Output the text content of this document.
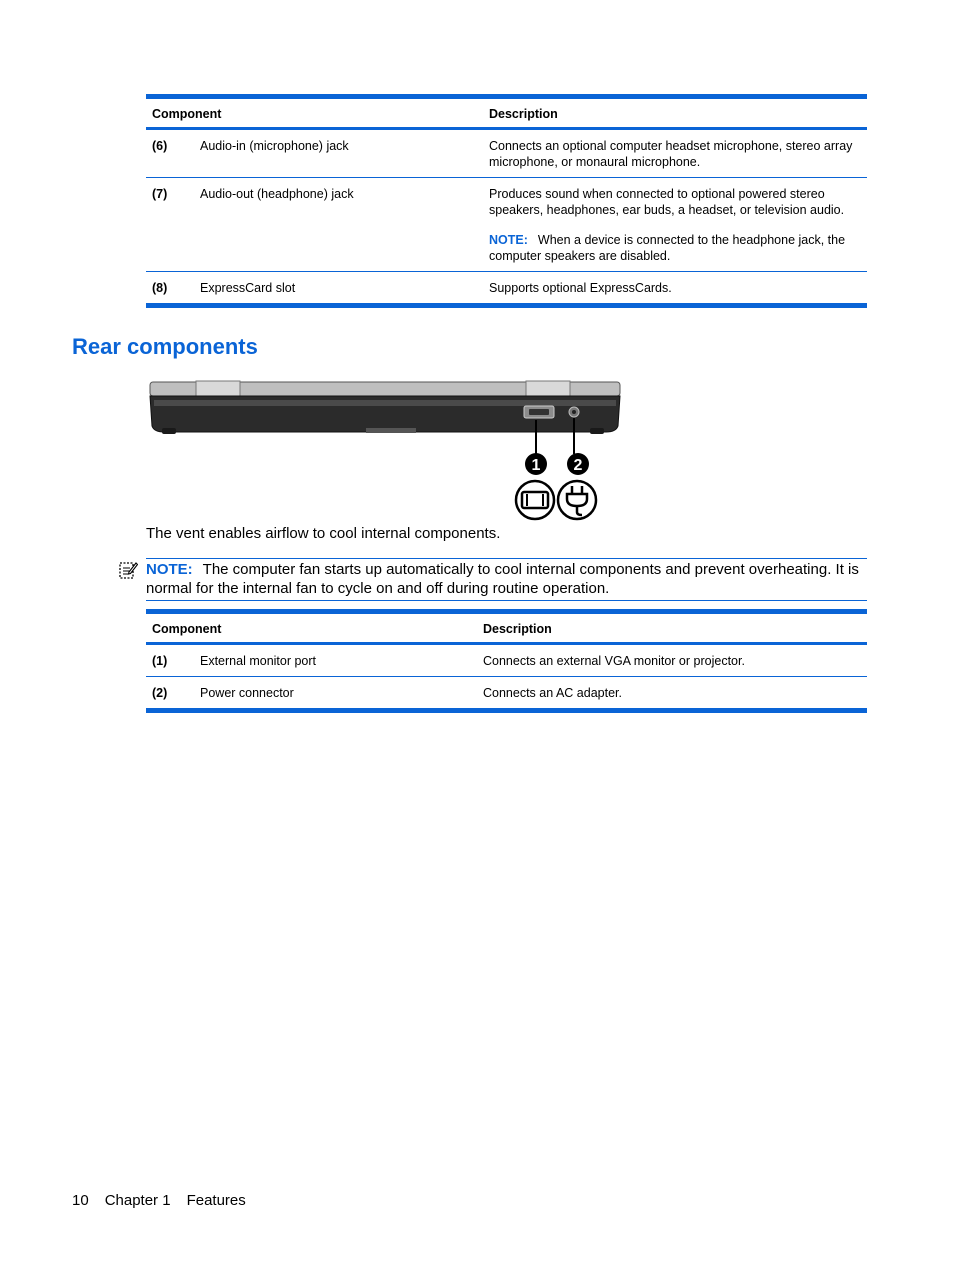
Component		Description
(6)	Audio-in (microphone) jack	Connects an optional computer headset microphone, stereo array microphone, or monaural microphone.
(7)	Audio-out (headphone) jack	Produces sound when connected to optional powered stereo speakers, headphones, ear buds, a headset, or television audio.
NOTE: When a device is connected to the headphone jack, the computer speakers are disabled.

(8)	ExpressCard slot	Supports optional ExpressCards.
Rear components
1 2

The vent enables airflow to cool internal components.

NOTE: The computer fan starts up automatically to cool internal components and prevent overheating. It is normal for the internal fan to cycle on and off during routine operation.
Component		Description
(1)	External monitor port	Connects an external VGA monitor or projector.
(2)	Power connector	Connects an AC adapter.
10 Chapter 1 Features
